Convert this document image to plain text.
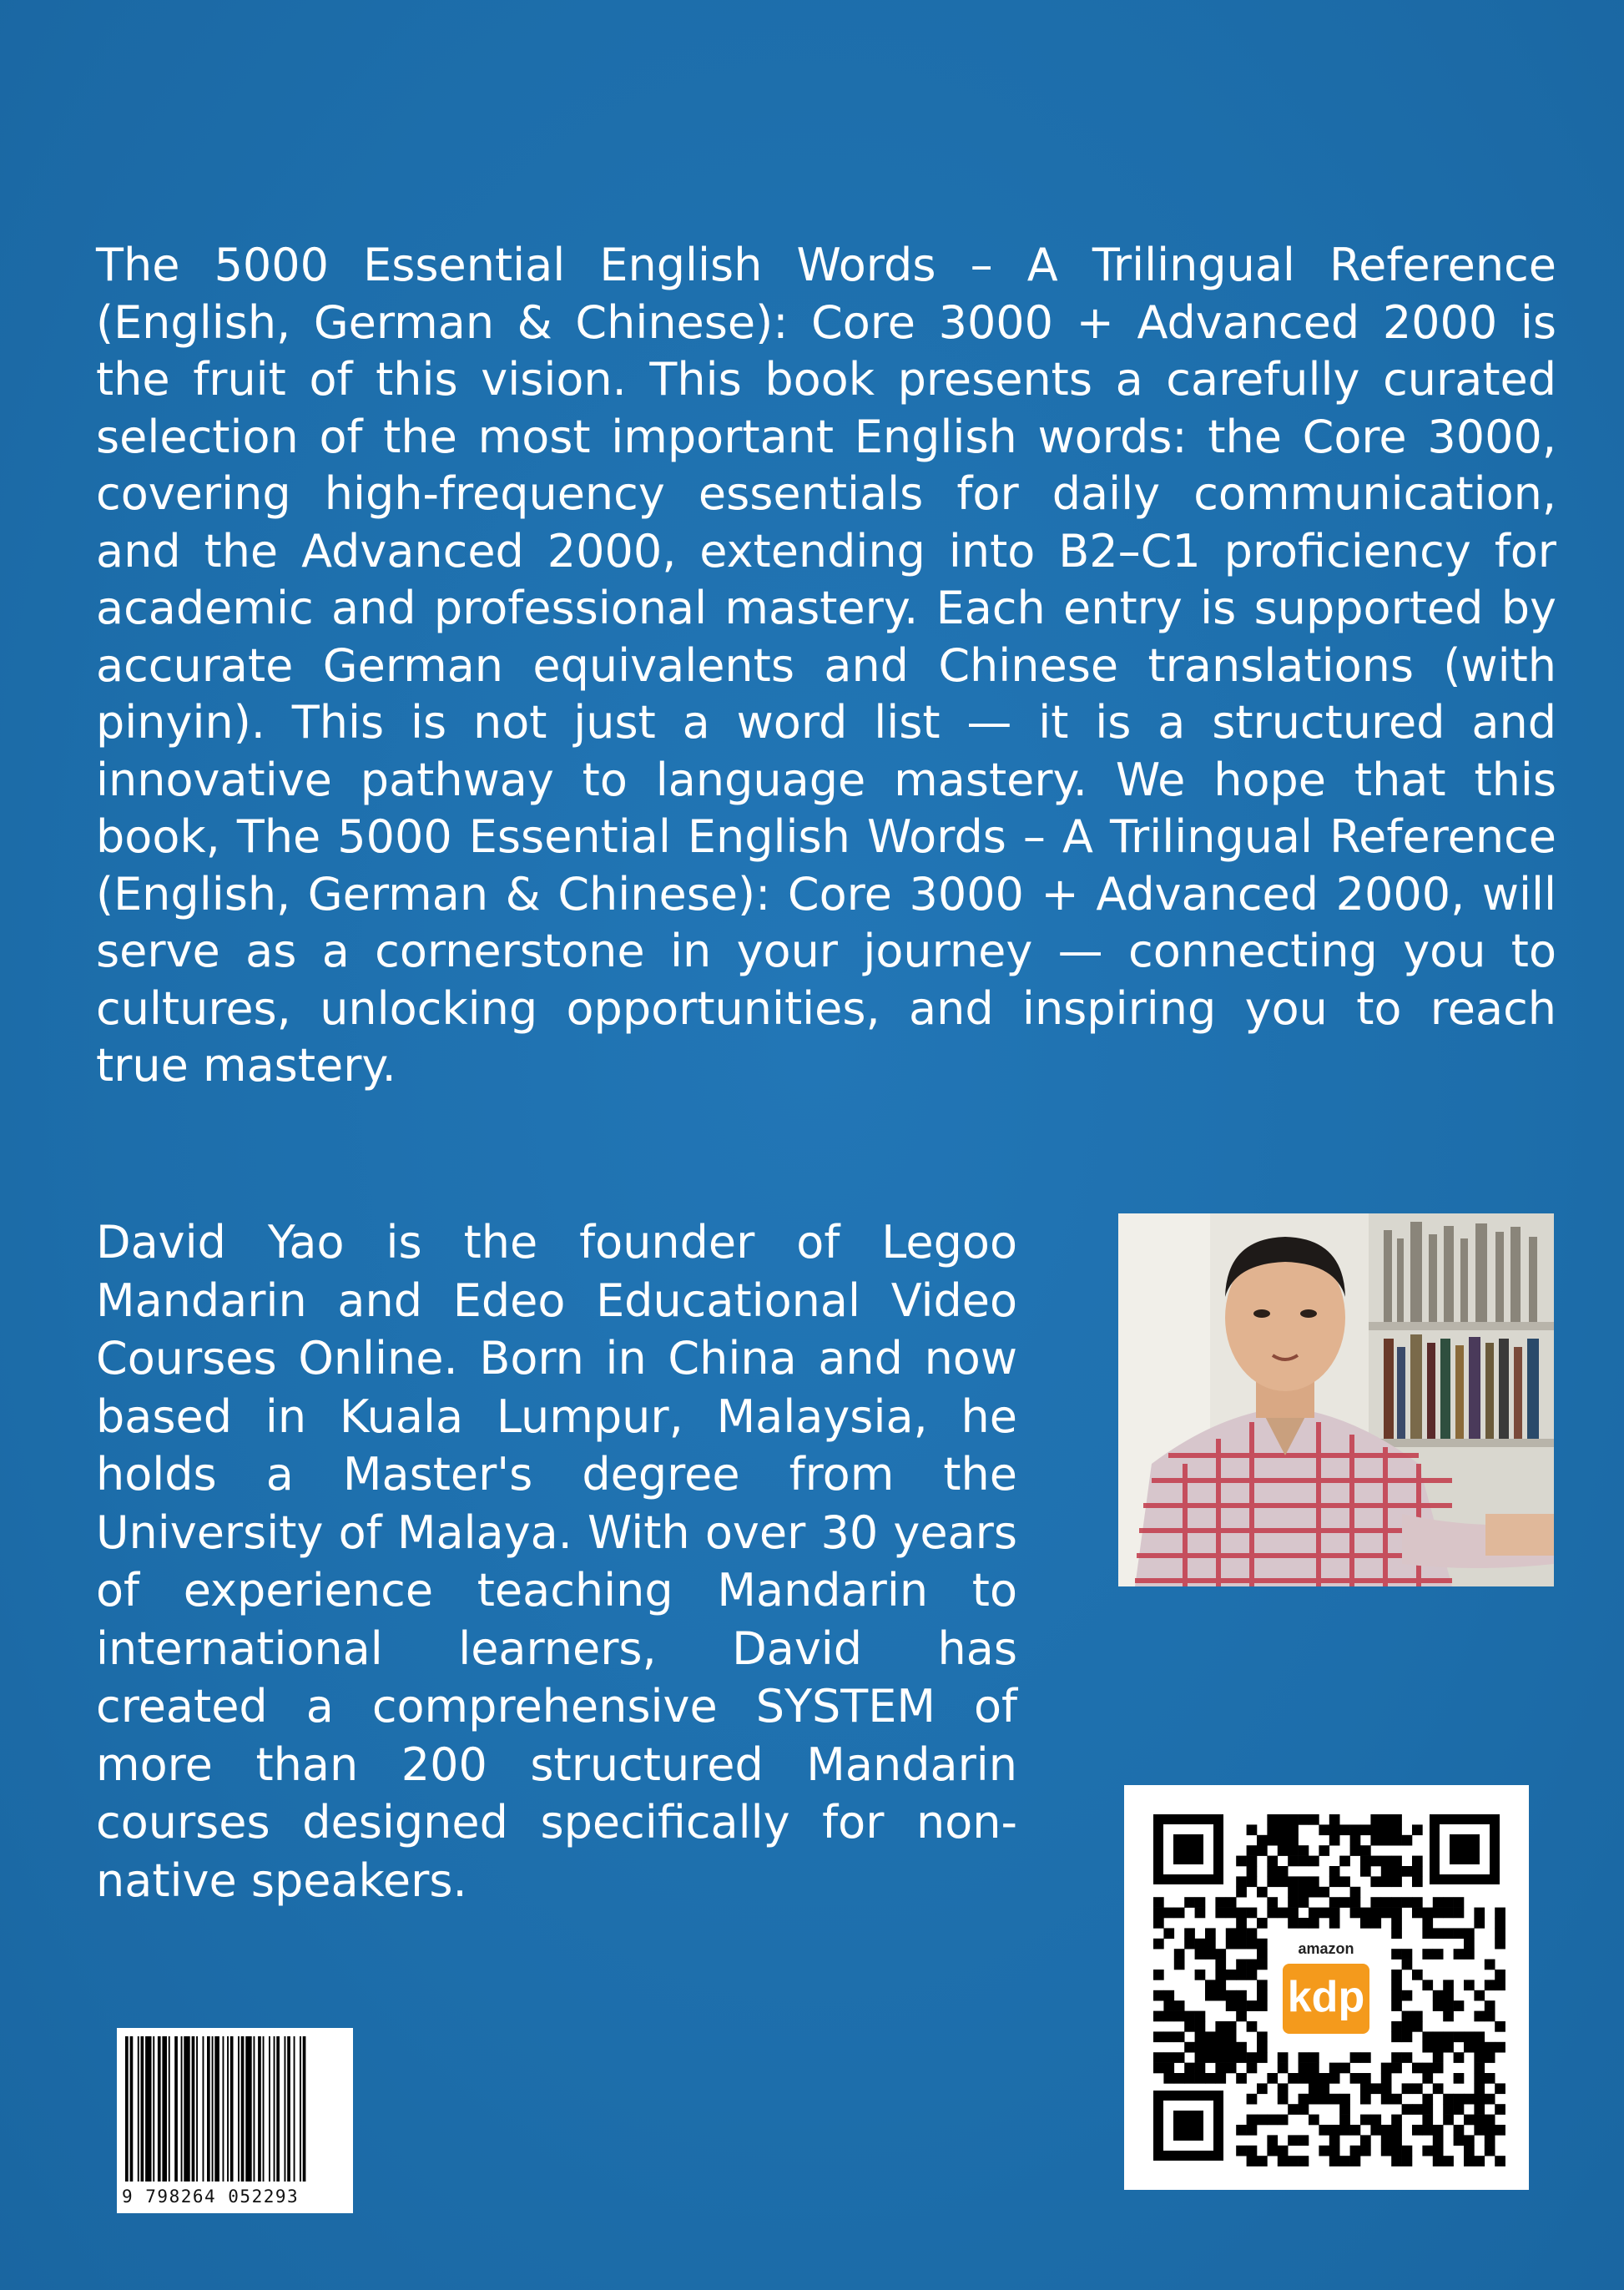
The 5000 Essential English Words – A Trilingual Reference (English, German & Chinese): Core 3000 + Advanced 2000 is the fruit of this vision. This book presents a carefully curated selection of the most important English words: the Core 3000, covering high-frequency essentials for daily communication, and the Advanced 2000, extending into B2–C1 proficiency for academic and professional mastery. Each entry is supported by accurate German equivalents and Chinese translations (with pinyin). This is not just a word list — it is a structured and innovative pathway to language mastery. We hope that this book, The 5000 Essential English Words – A Trilingual Reference (English, German & Chinese): Core 3000 + Advanced 2000, will serve as a cornerstone in your journey — connecting you to cultures, unlocking opportunities, and inspiring you to reach true mastery.

David Yao is the founder of Legoo Mandarin and Edeo Educational Video Courses Online. Born in China and now based in Kuala Lumpur, Malaysia, he holds a Master's degree from the University of Malaya. With over 30 years of experience teaching Mandarin to international learners, David has created a comprehensive SYSTEM of more than 200 structured Mandarin courses designed specifically for non-native speakers.

amazon
kdp
9 798264 052293
